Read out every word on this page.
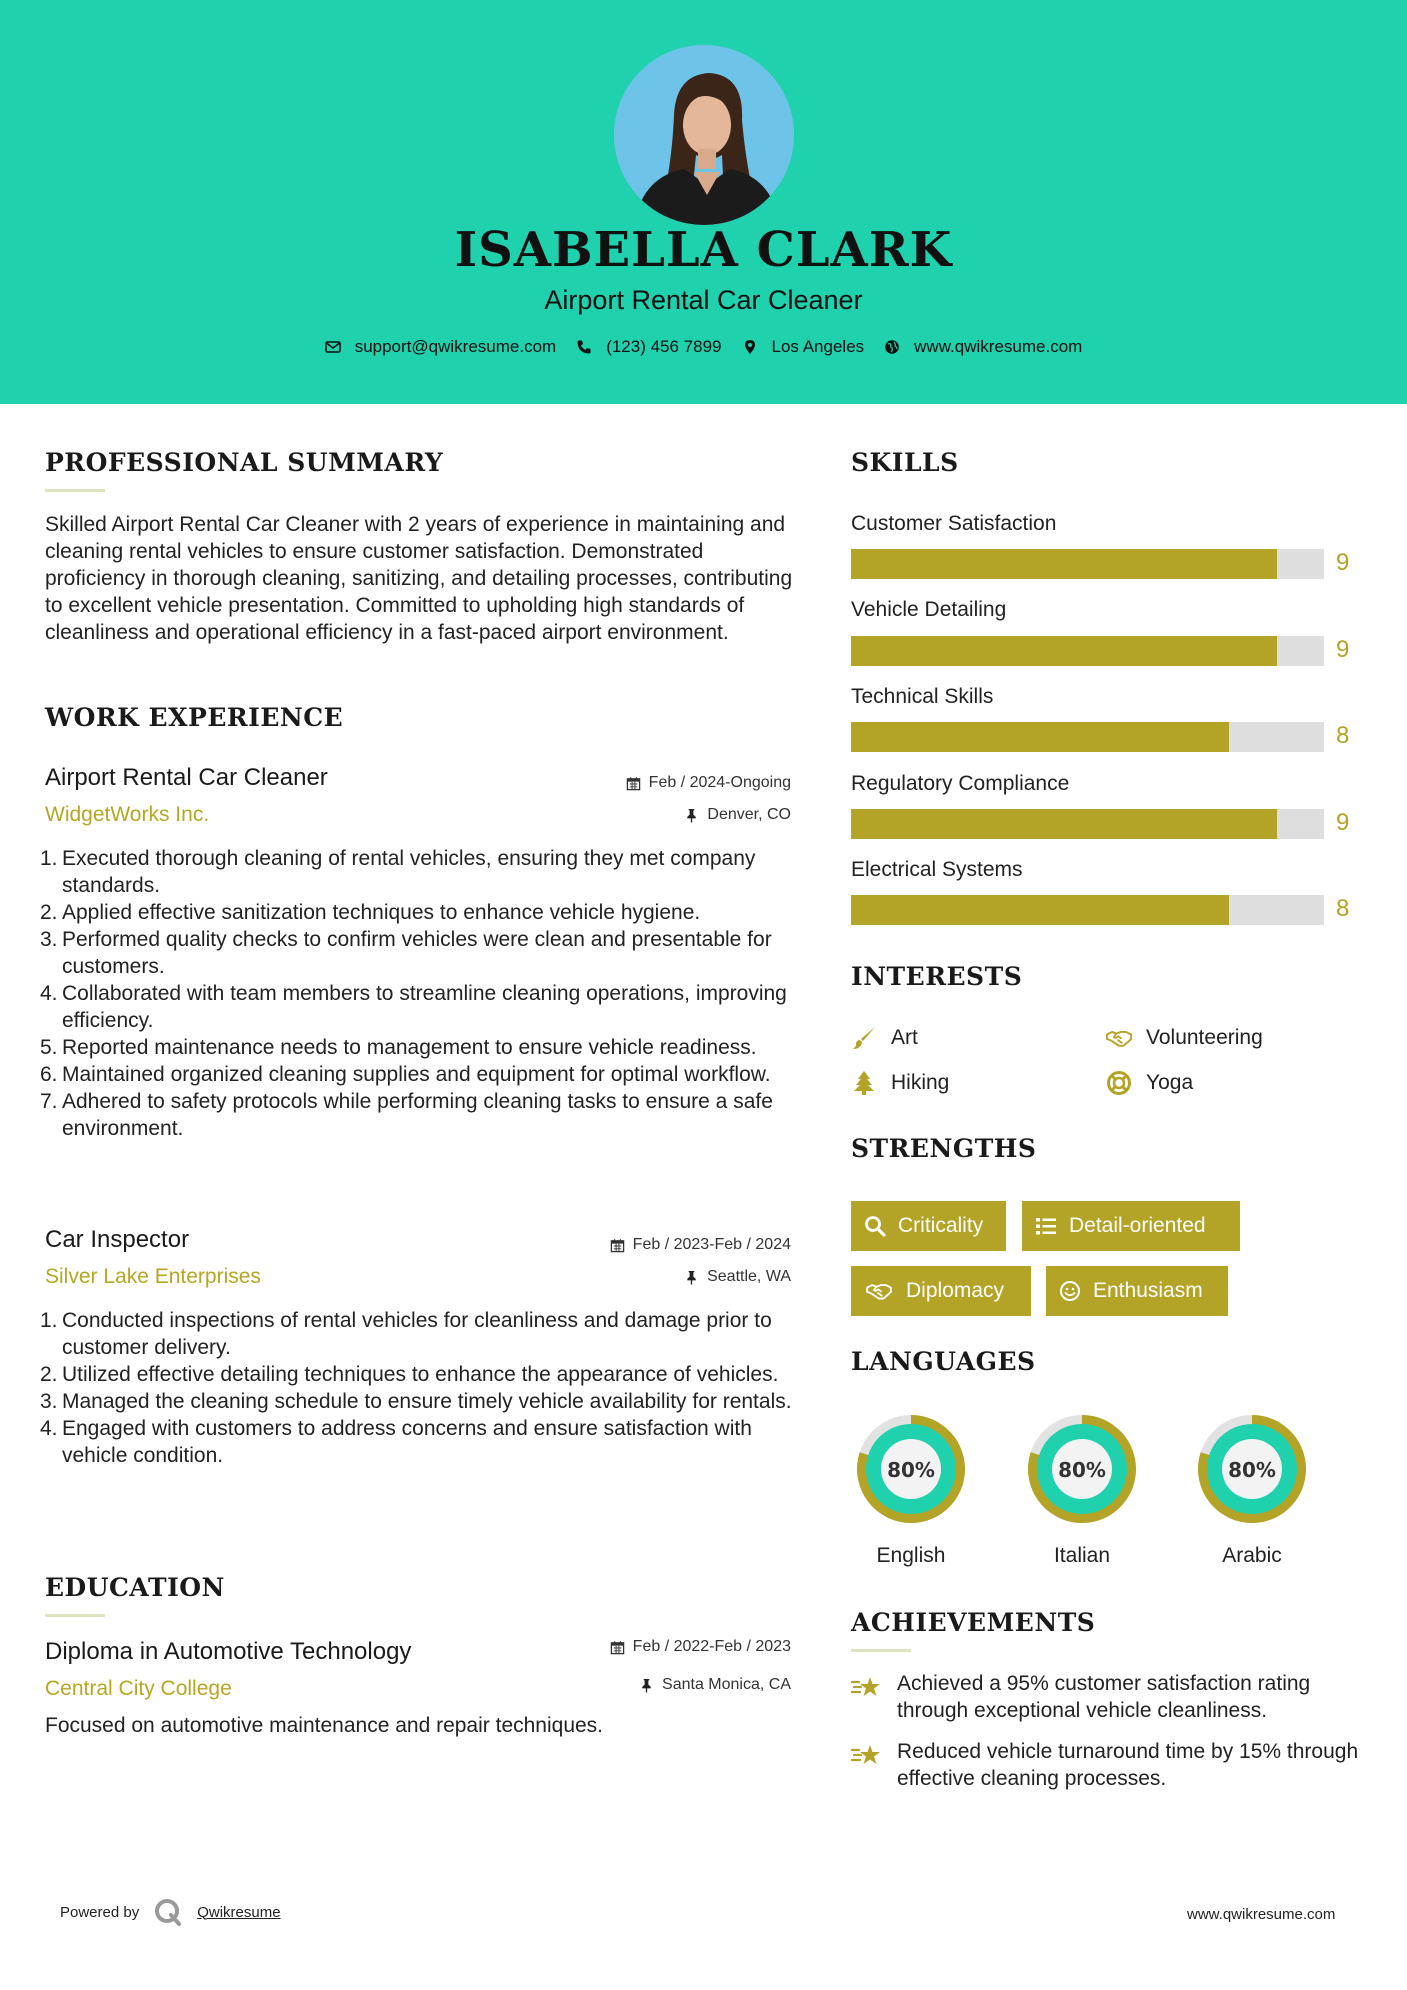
ISABELLA CLARK
Airport Rental Car Cleaner
support@qwikresume.com	(123) 456 7899	Los Angeles	www.qwikresume.com
PROFESSIONAL SUMMARY
Skilled Airport Rental Car Cleaner with 2 years of experience in maintaining and cleaning rental vehicles to ensure customer satisfaction. Demonstrated proficiency in thorough cleaning, sanitizing, and detailing processes, contributing to excellent vehicle presentation. Committed to upholding high standards of cleanliness and operational efficiency in a fast-paced airport environment.
WORK EXPERIENCE
Airport Rental Car Cleaner
WidgetWorks Inc.
Feb / 2024-Ongoing
Denver, CO
1. Executed thorough cleaning of rental vehicles, ensuring they met company standards.
2. Applied effective sanitization techniques to enhance vehicle hygiene.
3. Performed quality checks to confirm vehicles were clean and presentable for customers.
4. Collaborated with team members to streamline cleaning operations, improving efficiency.
5. Reported maintenance needs to management to ensure vehicle readiness.
6. Maintained organized cleaning supplies and equipment for optimal workflow.
7. Adhered to safety protocols while performing cleaning tasks to ensure a safe environment.
Car Inspector
Silver Lake Enterprises
Feb / 2023-Feb / 2024
Seattle, WA
1. Conducted inspections of rental vehicles for cleanliness and damage prior to customer delivery.
2. Utilized effective detailing techniques to enhance the appearance of vehicles.
3. Managed the cleaning schedule to ensure timely vehicle availability for rentals.
4. Engaged with customers to address concerns and ensure satisfaction with vehicle condition.
EDUCATION
Diploma in Automotive Technology
Central City College
Feb / 2022-Feb / 2023
Santa Monica, CA
Focused on automotive maintenance and repair techniques.
SKILLS
Customer Satisfaction
9
Vehicle Detailing
9
Technical Skills
8
Regulatory Compliance
9
Electrical Systems
8
INTERESTS
Art	Volunteering
Hiking	Yoga
STRENGTHS
Criticality	Detail-oriented
Diplomacy	Enthusiasm
LANGUAGES
80%
English
80%
Italian
80%
Arabic
ACHIEVEMENTS
Achieved a 95% customer satisfaction rating through exceptional vehicle cleanliness.
Reduced vehicle turnaround time by 15% through effective cleaning processes.
Powered by	Qwikresume	www.qwikresume.com
